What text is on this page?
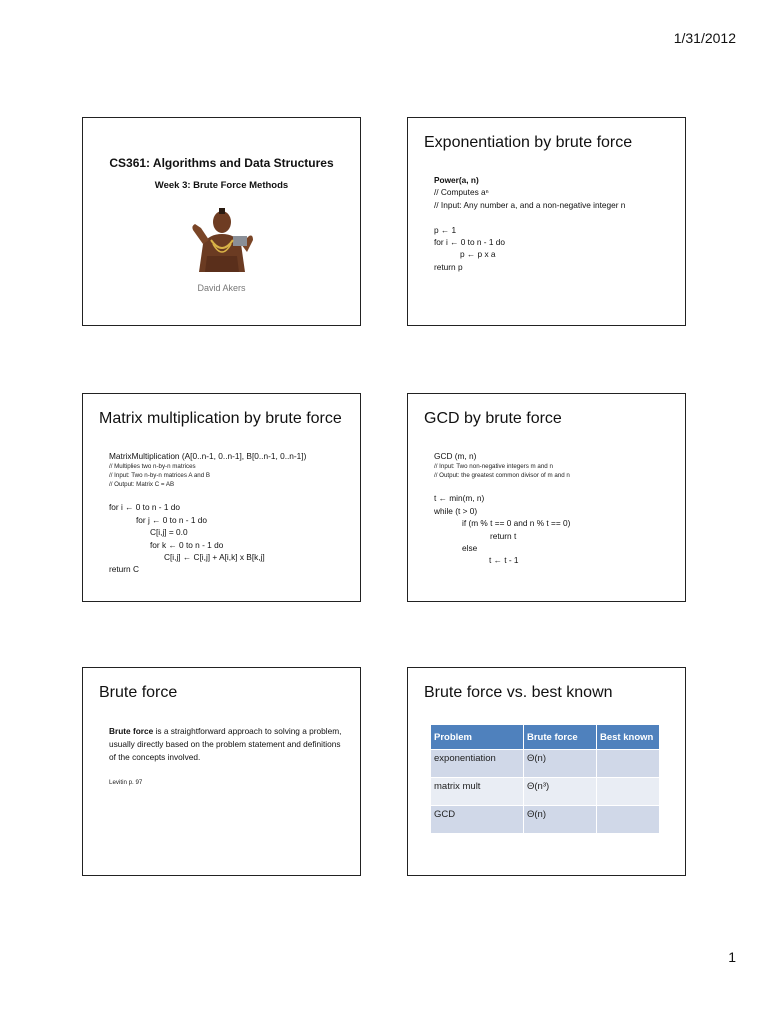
1/31/2012
CS361: Algorithms and Data Structures
Week 3: Brute Force Methods
David Akers
Exponentiation by brute force
Power(a, n)
// Computes aⁿ
// Input: Any number a, and a non-negative integer n
p ← 1
for i ← 0 to n - 1 do
p ← p x a
return p
Matrix multiplication by brute force
MatrixMultiplication (A[0..n-1, 0..n-1], B[0..n-1, 0..n-1])
// Multiplies two n-by-n matrices
// Input: Two n-by-n matrices A and B
// Output: Matrix C = AB
for i ← 0 to n - 1 do
for j ← 0 to n - 1 do
C[i,j] = 0.0
for k ← 0 to n - 1 do
C[i,j] ← C[i,j] + A[i,k] x B[k,j]
return C
GCD by brute force
GCD (m, n)
// Input: Two non-negative integers m and n
// Output: the greatest common divisor of m and n
t ← min(m, n)
while (t > 0)
if (m % t == 0 and n % t == 0)
return t
else
t ← t - 1
Brute force
Brute force is a straightforward approach to solving a problem, usually directly based on the problem statement and definitions of the concepts involved.
Levitin p. 97
Brute force vs. best known
Problem	Brute force	Best known
exponentiation	Θ(n)	
matrix mult	Θ(n³)	
GCD	Θ(n)	
1
